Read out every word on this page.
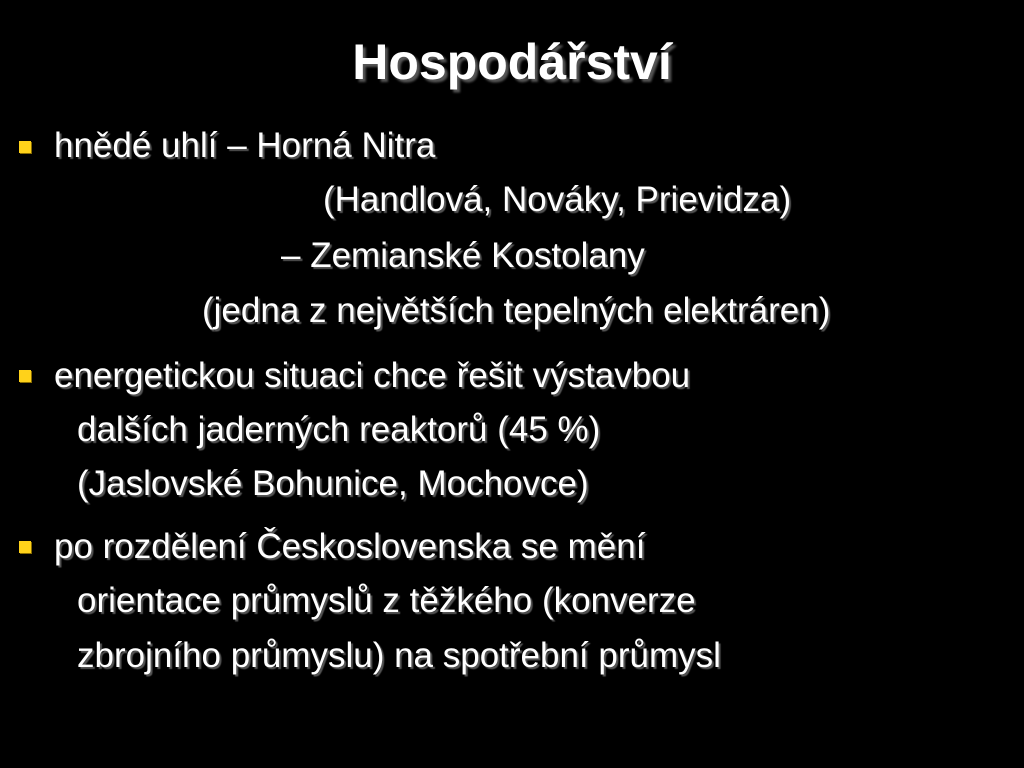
Hospodářství
hnědé uhlí – Horná Nitra
(Handlová, Nováky, Prievidza)
– Zemianské Kostolany
(jedna z největších tepelných elektráren)
energetickou situaci chce řešit výstavbou
dalších jaderných reaktorů (45 %)
(Jaslovské Bohunice, Mochovce)
po rozdělení Československa se mění
orientace průmyslů z těžkého (konverze
zbrojního průmyslu) na spotřební průmysl
